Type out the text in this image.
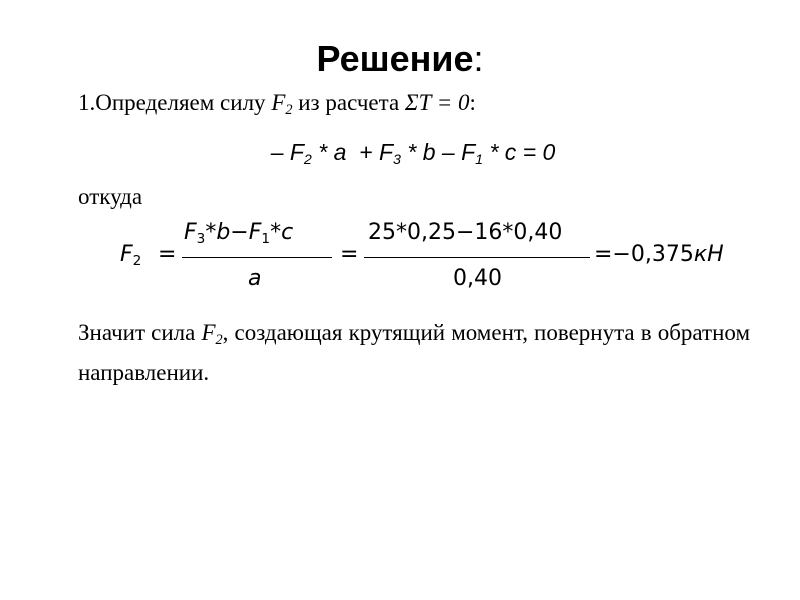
Решение:
1.Определяем силу $F_2$ из расчета ΣT = 0:
– $F_2 * a + F_3 * b - F_1 * c = 0$
откуда
$F_2$ =
$F_3*b-F_1*c$
a
=
25*0,25−16*0,40
0,40
=−0,375кН
Значит сила $F_2$, создающая крутящий момент, повернута в обратном направлении.
